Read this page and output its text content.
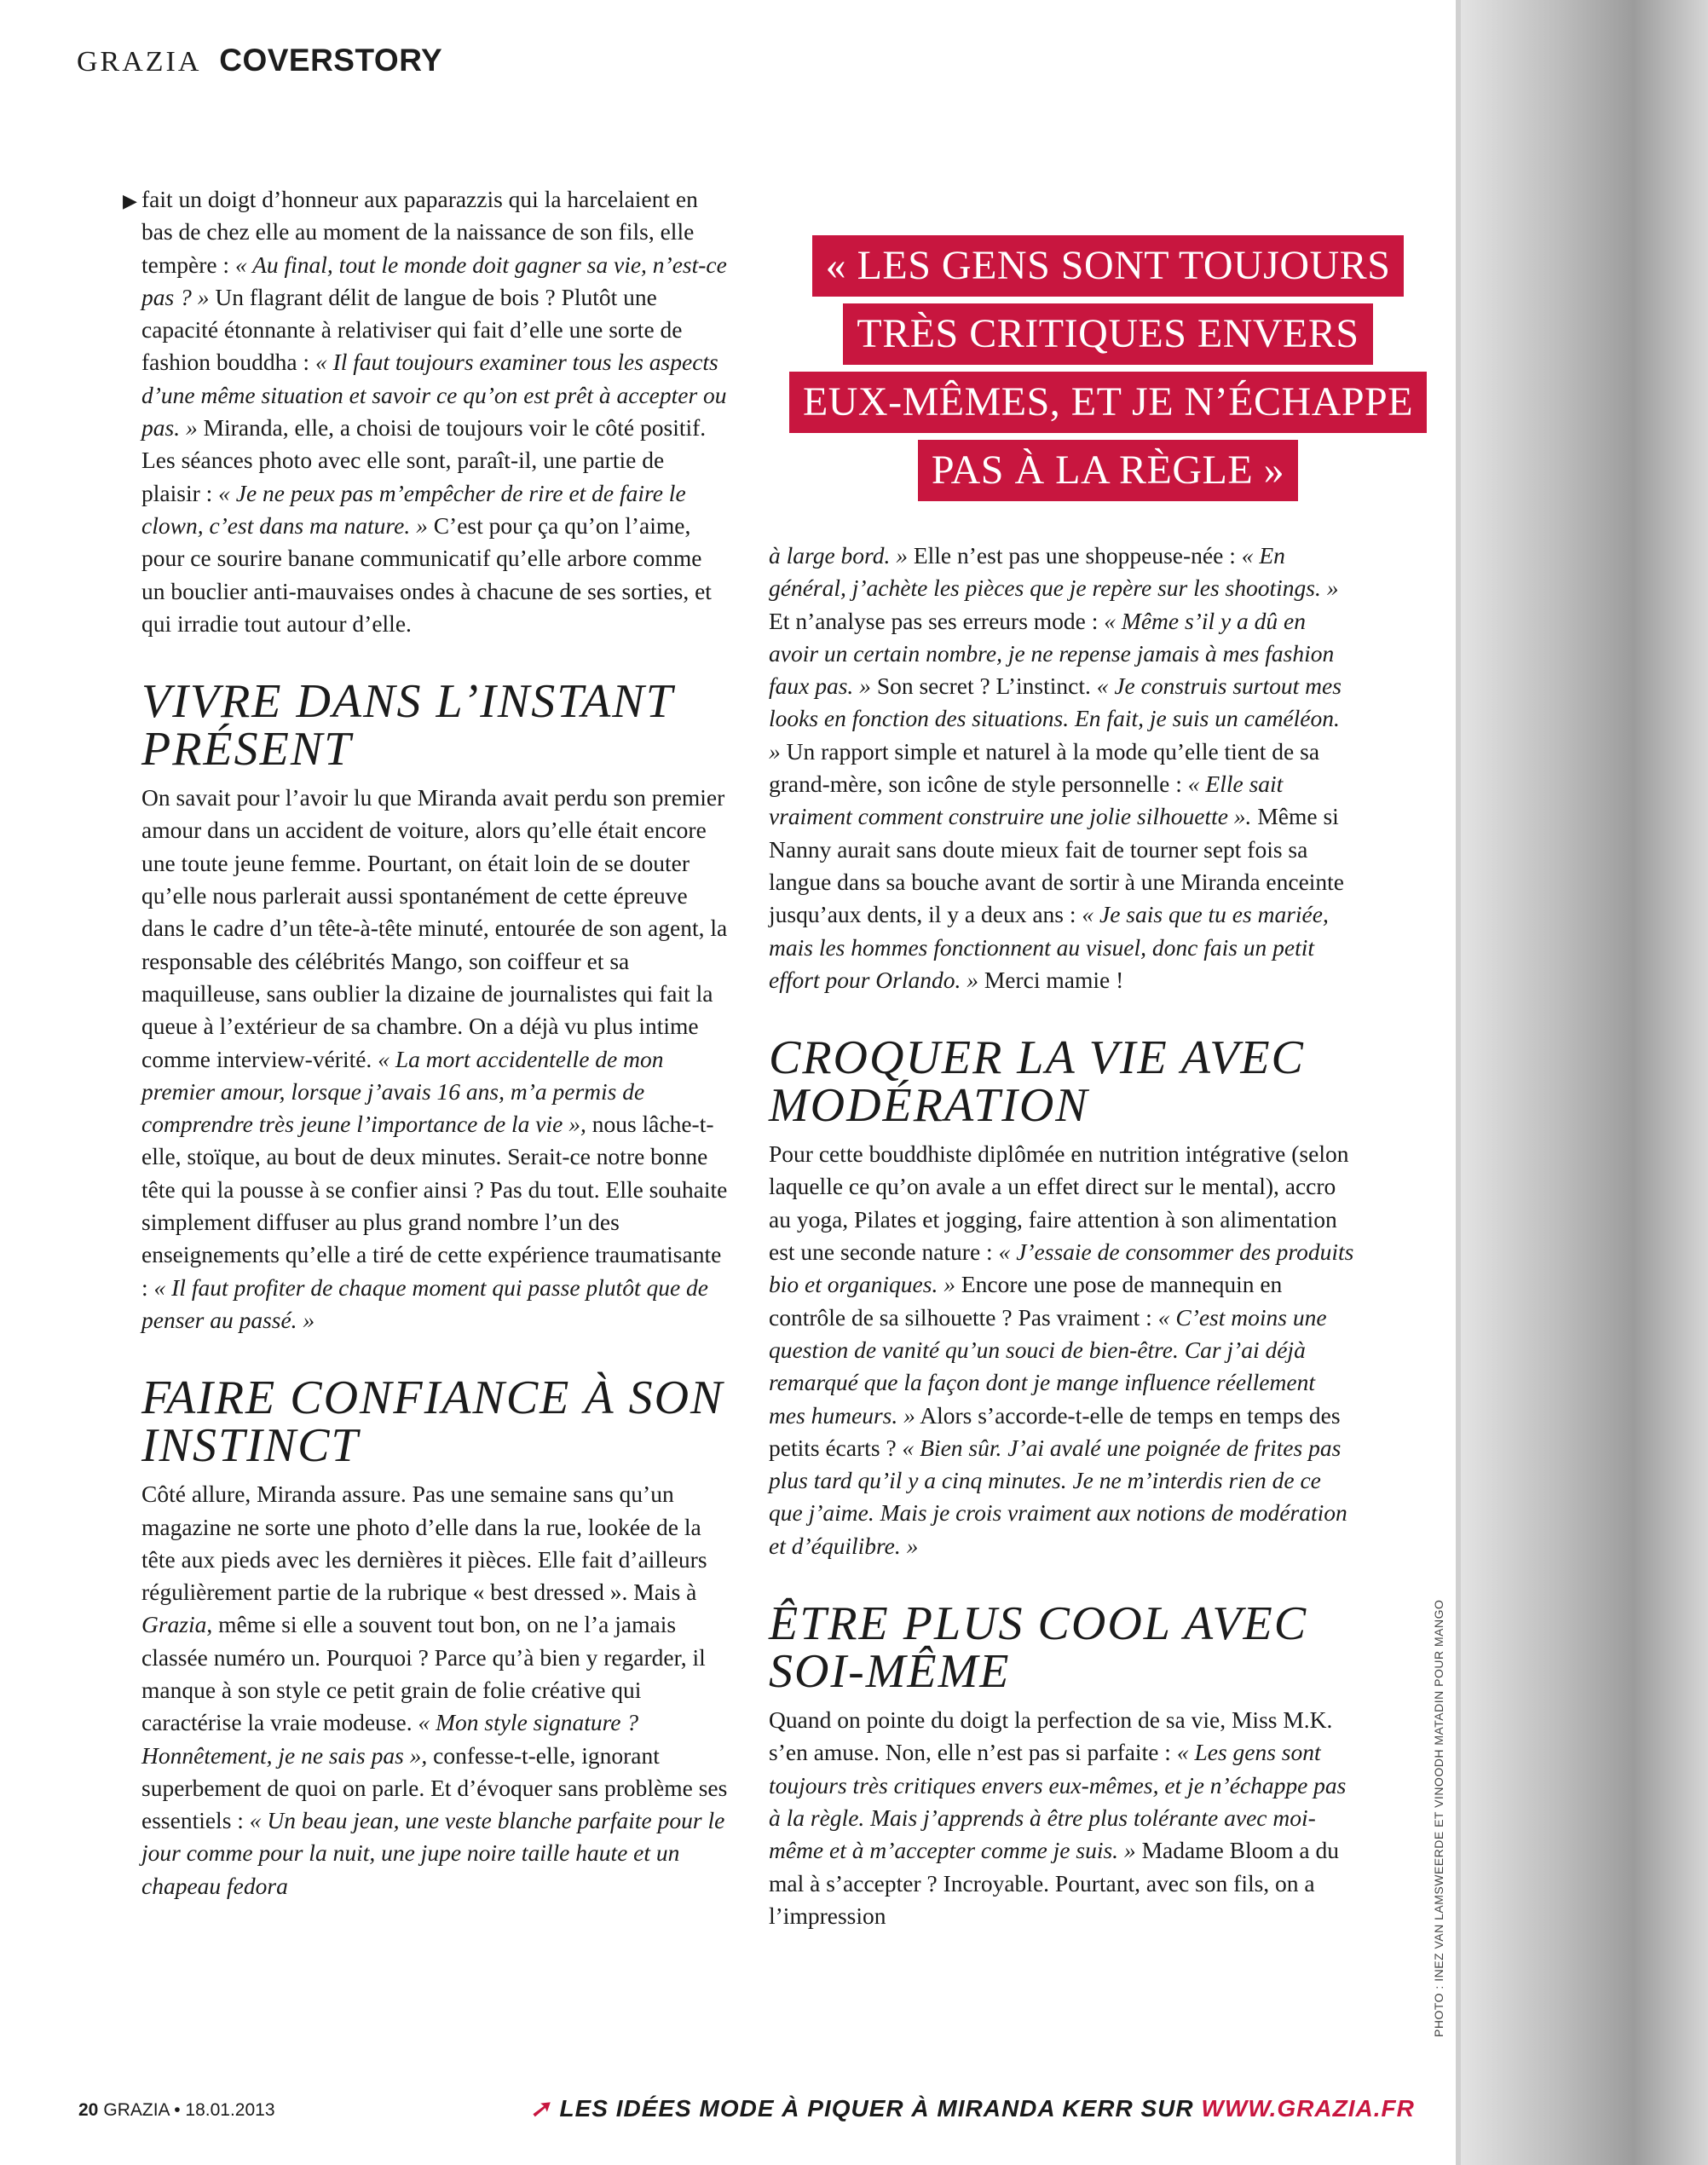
GRAZIA COVERSTORY
« LES GENS SONT TOUJOURS
TRÈS CRITIQUES ENVERS
EUX-MÊMES, ET JE N’ÉCHAPPE
PAS À LA RÈGLE »
▶ fait un doigt d’honneur aux paparazzis qui la harcelaient en bas de chez elle au moment de la naissance de son fils, elle tempère : « Au final, tout le monde doit gagner sa vie, n’est-ce pas ? » Un flagrant délit de langue de bois ? Plutôt une capacité étonnante à relativiser qui fait d’elle une sorte de fashion bouddha : « Il faut toujours examiner tous les aspects d’une même situation et savoir ce qu’on est prêt à accepter ou pas. » Miranda, elle, a choisi de toujours voir le côté positif. Les séances photo avec elle sont, paraît-il, une partie de plaisir : « Je ne peux pas m’empêcher de rire et de faire le clown, c’est dans ma nature. » C’est pour ça qu’on l’aime, pour ce sourire banane communicatif qu’elle arbore comme un bouclier anti-mauvaises ondes à chacune de ses sorties, et qui irradie tout autour d’elle.

VIVRE DANS L’INSTANT PRÉSENT

On savait pour l’avoir lu que Miranda avait perdu son premier amour dans un accident de voiture, alors qu’elle était encore une toute jeune femme. Pourtant, on était loin de se douter qu’elle nous parlerait aussi spontanément de cette épreuve dans le cadre d’un tête-à-tête minuté, entourée de son agent, la responsable des célébrités Mango, son coiffeur et sa maquilleuse, sans oublier la dizaine de journalistes qui fait la queue à l’extérieur de sa chambre. On a déjà vu plus intime comme interview-vérité. « La mort accidentelle de mon premier amour, lorsque j’avais 16 ans, m’a permis de comprendre très jeune l’importance de la vie », nous lâche-t-elle, stoïque, au bout de deux minutes. Serait-ce notre bonne tête qui la pousse à se confier ainsi ? Pas du tout. Elle souhaite simplement diffuser au plus grand nombre l’un des enseignements qu’elle a tiré de cette expérience traumatisante : « Il faut profiter de chaque moment qui passe plutôt que de penser au passé. »

FAIRE CONFIANCE À SON INSTINCT

Côté allure, Miranda assure. Pas une semaine sans qu’un magazine ne sorte une photo d’elle dans la rue, lookée de la tête aux pieds avec les dernières it pièces. Elle fait d’ailleurs régulièrement partie de la rubrique « best dressed ». Mais à Grazia, même si elle a souvent tout bon, on ne l’a jamais classée numéro un. Pourquoi ? Parce qu’à bien y regarder, il manque à son style ce petit grain de folie créative qui caractérise la vraie modeuse. « Mon style signature ? Honnêtement, je ne sais pas », confesse-t-elle, ignorant superbement de quoi on parle. Et d’évoquer sans problème ses essentiels : « Un beau jean, une veste blanche parfaite pour le jour comme pour la nuit, une jupe noire taille haute et un chapeau fedora

à large bord. » Elle n’est pas une shoppeuse-née : « En général, j’achète les pièces que je repère sur les shootings. » Et n’analyse pas ses erreurs mode : « Même s’il y a dû en avoir un certain nombre, je ne repense jamais à mes fashion faux pas. » Son secret ? L’instinct. « Je construis surtout mes looks en fonction des situations. En fait, je suis un caméléon. » Un rapport simple et naturel à la mode qu’elle tient de sa grand-mère, son icône de style personnelle : « Elle sait vraiment comment construire une jolie silhouette ». Même si Nanny aurait sans doute mieux fait de tourner sept fois sa langue dans sa bouche avant de sortir à une Miranda enceinte jusqu’aux dents, il y a deux ans : « Je sais que tu es mariée, mais les hommes fonctionnent au visuel, donc fais un petit effort pour Orlando. » Merci mamie !

CROQUER LA VIE AVEC MODÉRATION

Pour cette bouddhiste diplômée en nutrition intégrative (selon laquelle ce qu’on avale a un effet direct sur le mental), accro au yoga, Pilates et jogging, faire attention à son alimentation est une seconde nature : « J’essaie de consommer des produits bio et organiques. » Encore une pose de mannequin en contrôle de sa silhouette ? Pas vraiment : « C’est moins une question de vanité qu’un souci de bien-être. Car j’ai déjà remarqué que la façon dont je mange influence réellement mes humeurs. » Alors s’accorde-t-elle de temps en temps des petits écarts ? « Bien sûr. J’ai avalé une poignée de frites pas plus tard qu’il y a cinq minutes. Je ne m’interdis rien de ce que j’aime. Mais je crois vraiment aux notions de modération et d’équilibre. »

ÊTRE PLUS COOL AVEC SOI-MÊME

Quand on pointe du doigt la perfection de sa vie, Miss M.K. s’en amuse. Non, elle n’est pas si parfaite : « Les gens sont toujours très critiques envers eux-mêmes, et je n’échappe pas à la règle. Mais j’apprends à être plus tolérante avec moi-même et à m’accepter comme je suis. » Madame Bloom a du mal à s’accepter ? Incroyable. Pourtant, avec son fils, on a l’impression	PHOTO : INEZ VAN LAMSWEERDE ET VINOODH MATADIN POUR MANGO
20 GRAZIA • 18.01.2013	➚ LES IDÉES MODE À PIQUER À MIRANDA KERR SUR WWW.GRAZIA.FR
